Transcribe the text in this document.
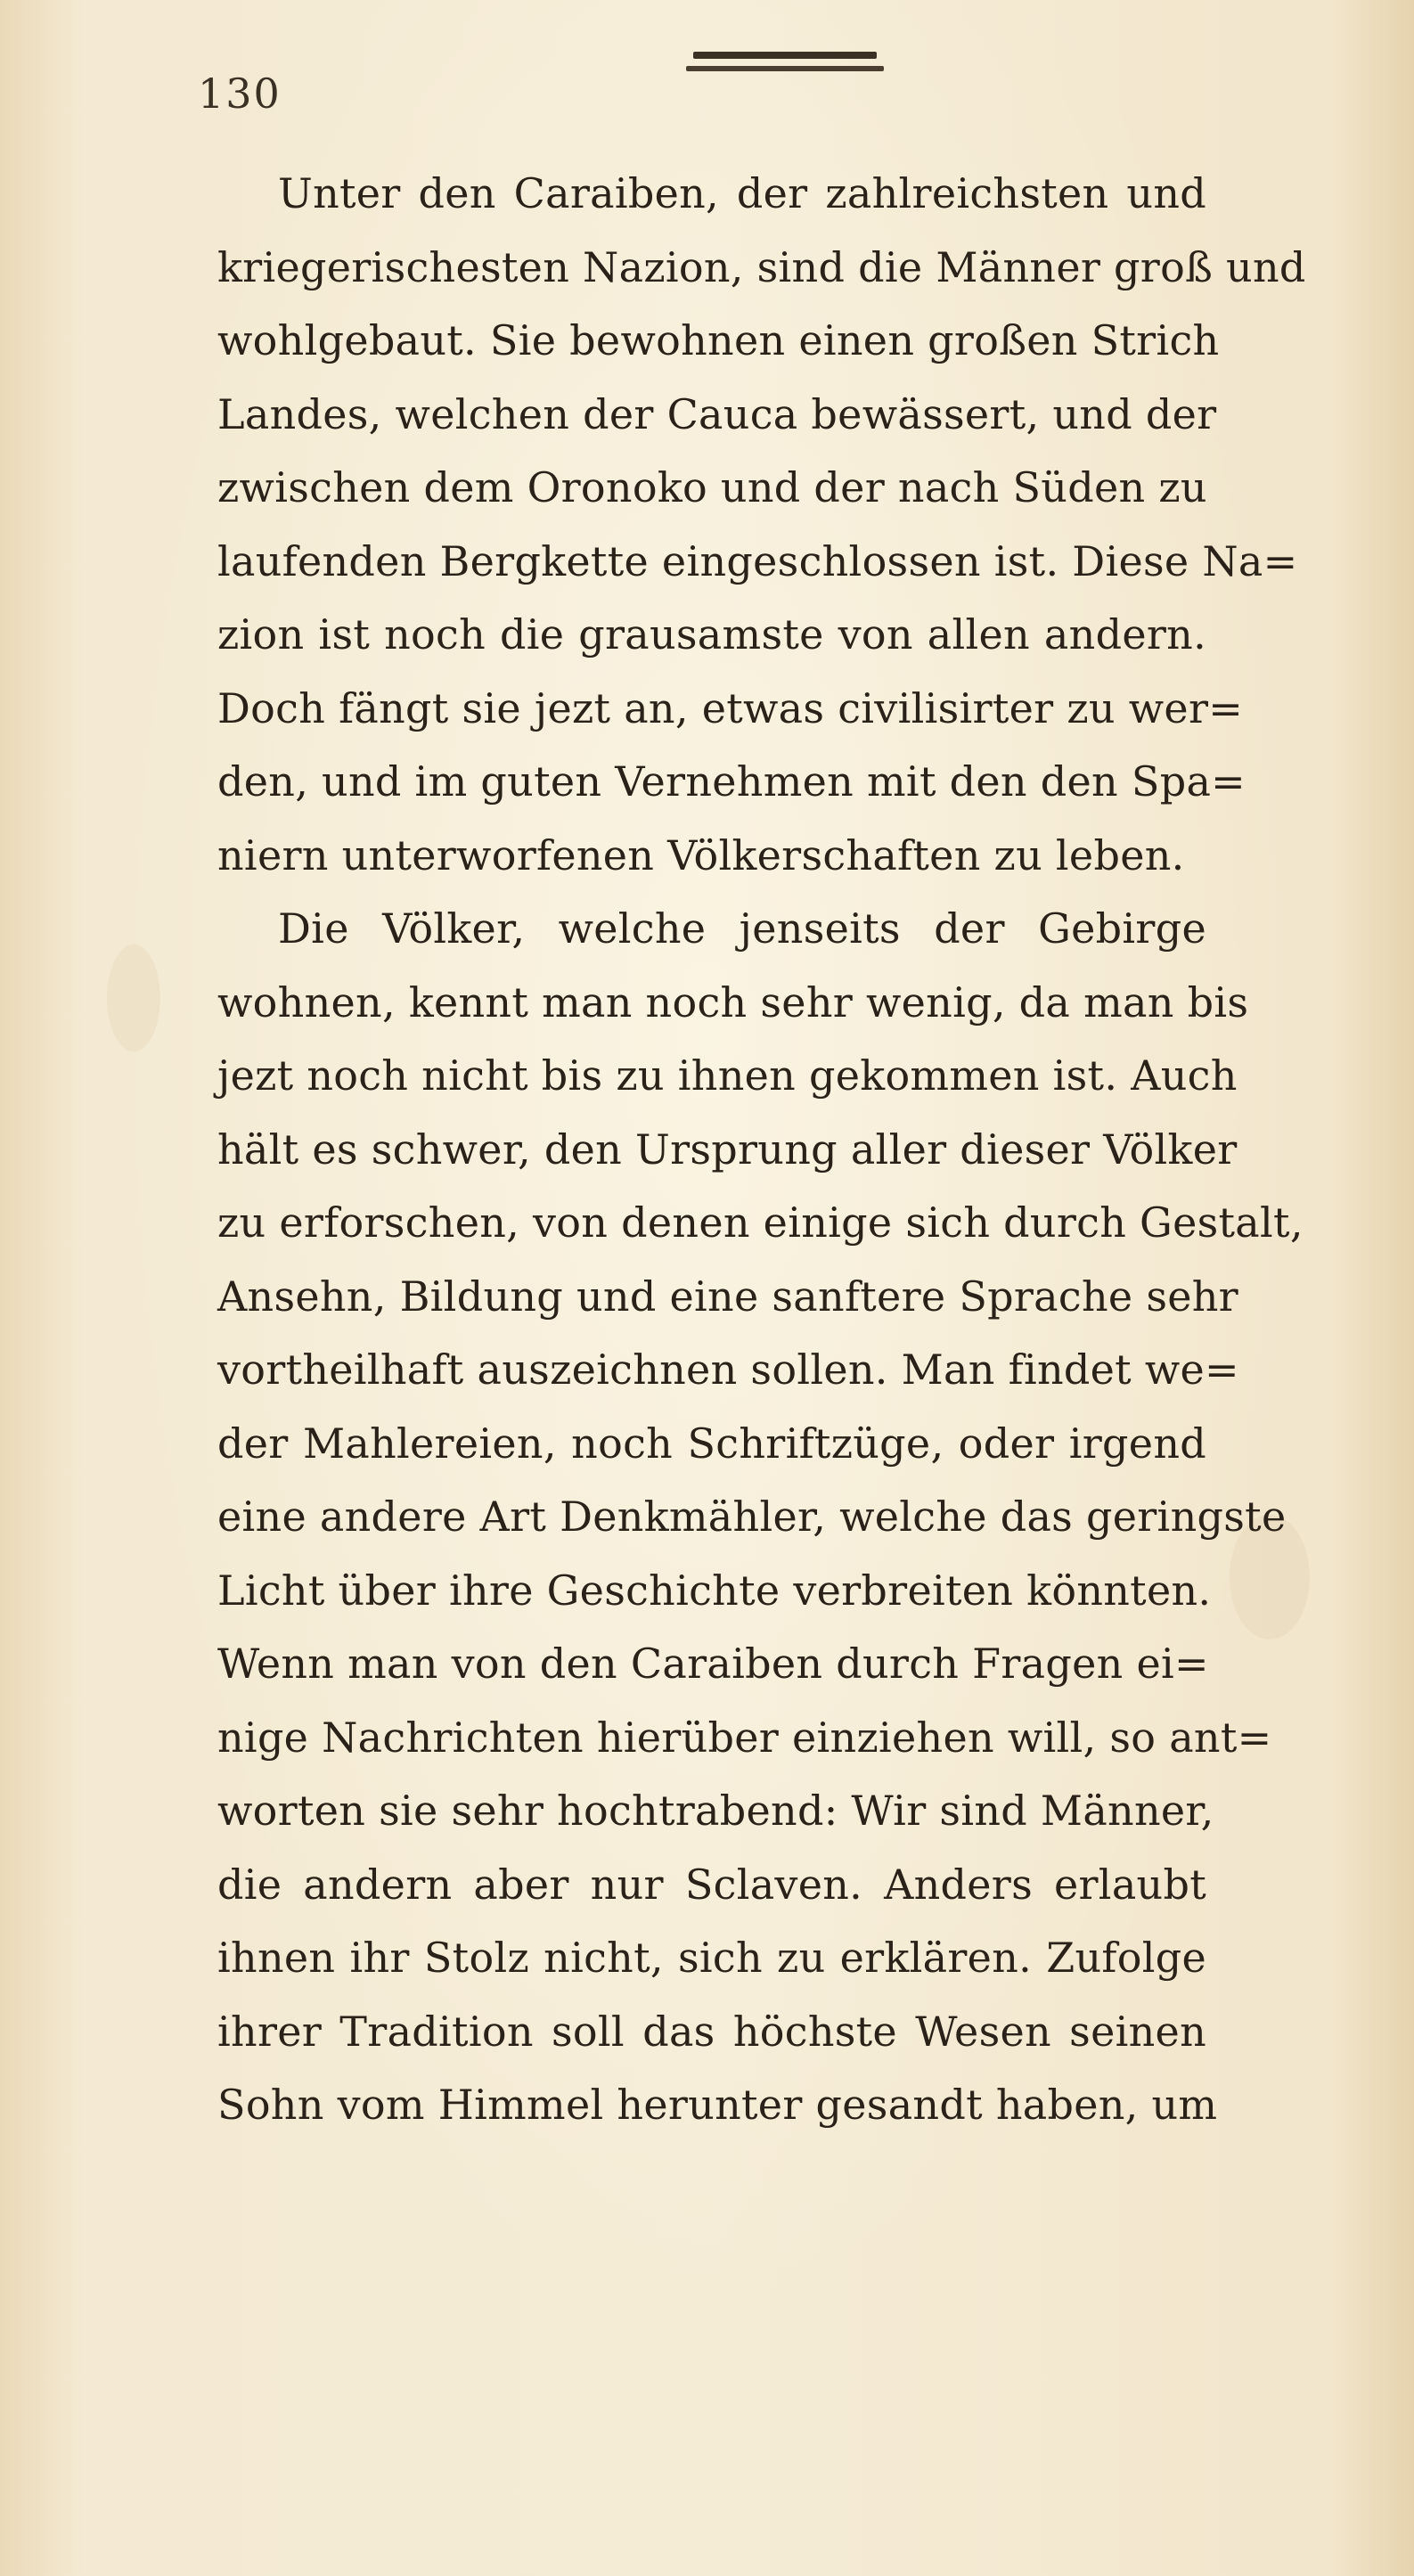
130
Unter den Caraiben, der zahlreichsten und
kriegerischesten Nazion, sind die Männer groß und
wohlgebaut. Sie bewohnen einen großen Strich
Landes, welchen der Cauca bewässert, und der
zwischen dem Oronoko und der nach Süden zu
laufenden Bergkette eingeschlossen ist. Diese Na=
zion ist noch die grausamste von allen andern.
Doch fängt sie jezt an, etwas civilisirter zu wer=
den, und im guten Vernehmen mit den den Spa=
niern unterworfenen Völkerschaften zu leben.
Die Völker, welche jenseits der Gebirge
wohnen, kennt man noch sehr wenig, da man bis
jezt noch nicht bis zu ihnen gekommen ist. Auch
hält es schwer, den Ursprung aller dieser Völker
zu erforschen, von denen einige sich durch Gestalt,
Ansehn, Bildung und eine sanftere Sprache sehr
vortheilhaft auszeichnen sollen. Man findet we=
der Mahlereien, noch Schriftzüge, oder irgend
eine andere Art Denkmähler, welche das geringste
Licht über ihre Geschichte verbreiten könnten.
Wenn man von den Caraiben durch Fragen ei=
nige Nachrichten hierüber einziehen will, so ant=
worten sie sehr hochtrabend: Wir sind Männer,
die andern aber nur Sclaven. Anders erlaubt
ihnen ihr Stolz nicht, sich zu erklären. Zufolge
ihrer Tradition soll das höchste Wesen seinen
Sohn vom Himmel herunter gesandt haben, um
